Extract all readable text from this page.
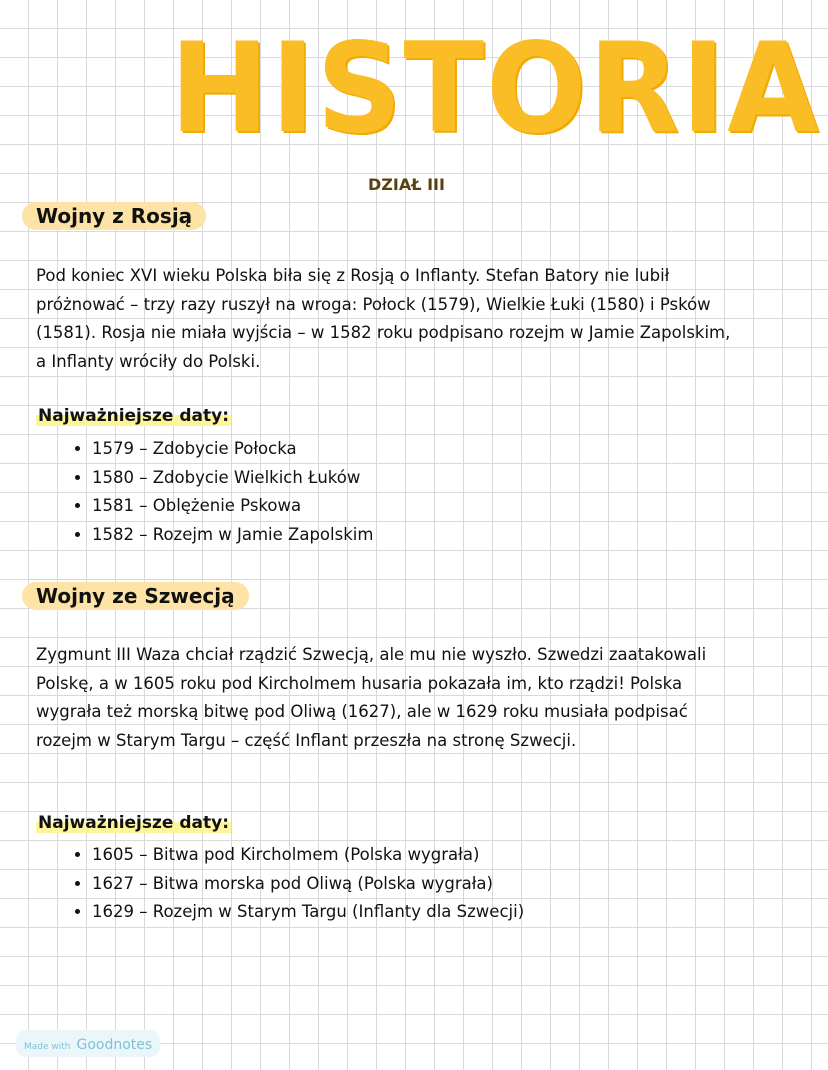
HISTORIA
DZIAŁ III
Wojny z Rosją
Pod koniec XVI wieku Polska biła się z Rosją o Inflanty. Stefan Batory nie lubił próżnować – trzy razy ruszył na wroga: Połock (1579), Wielkie Łuki (1580) i Psków (1581). Rosja nie miała wyjścia – w 1582 roku podpisano rozejm w Jamie Zapolskim, a Inflanty wróciły do Polski.
Najważniejsze daty:
• 1579 – Zdobycie Połocka
• 1580 – Zdobycie Wielkich Łuków
• 1581 – Oblężenie Pskowa
• 1582 – Rozejm w Jamie Zapolskim
Wojny ze Szwecją
Zygmunt III Waza chciał rządzić Szwecją, ale mu nie wyszło. Szwedzi zaatakowali Polskę, a w 1605 roku pod Kircholmem husaria pokazała im, kto rządzi! Polska wygrała też morską bitwę pod Oliwą (1627), ale w 1629 roku musiała podpisać rozejm w Starym Targu – część Inflant przeszła na stronę Szwecji.
Najważniejsze daty:
• 1605 – Bitwa pod Kircholmem (Polska wygrała)
• 1627 – Bitwa morska pod Oliwą (Polska wygrała)
• 1629 – Rozejm w Starym Targu (Inflanty dla Szwecji)
Made with Goodnotes
